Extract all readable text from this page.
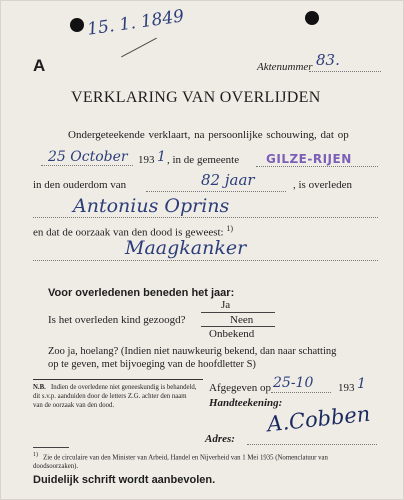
15. 1. 1849
A	Aktenummer 83.
VERKLARING VAN OVERLIJDEN
Ondergeteekende verklaart, na persoonlijke schouwing, dat op
25 October 193 1 , in de gemeente GILZE-RIJEN
in den ouderdom van	82 jaar	, is overleden
Antonius Oprins
en dat de oorzaak van den dood is geweest: $^{1)}$
Maagkanker
Voor overledenen beneden het jaar:
Ja
Is het overleden kind gezoogd?	Neen
Onbekend
Zoo ja, hoelang? (Indien niet nauwkeurig bekend, dan naar schatting
op te geven, met bijvoeging van de hoofdletter S)
N.B. Indien de overledene niet geneeskundig is behandeld, dit s.v.p. aanduiden door de letters Z.G. achter den naam van de oorzaak van den dood.
Afgegeven op 25-10 193 1
Handteekening:
A.Cobben
Adres:
1) Zie de circulaire van den Minister van Arbeid, Handel en Nijverheid van 1 Mei 1935 (Nomenclatuur van doodsoorzaken).
Duidelijk schrift wordt aanbevolen.
